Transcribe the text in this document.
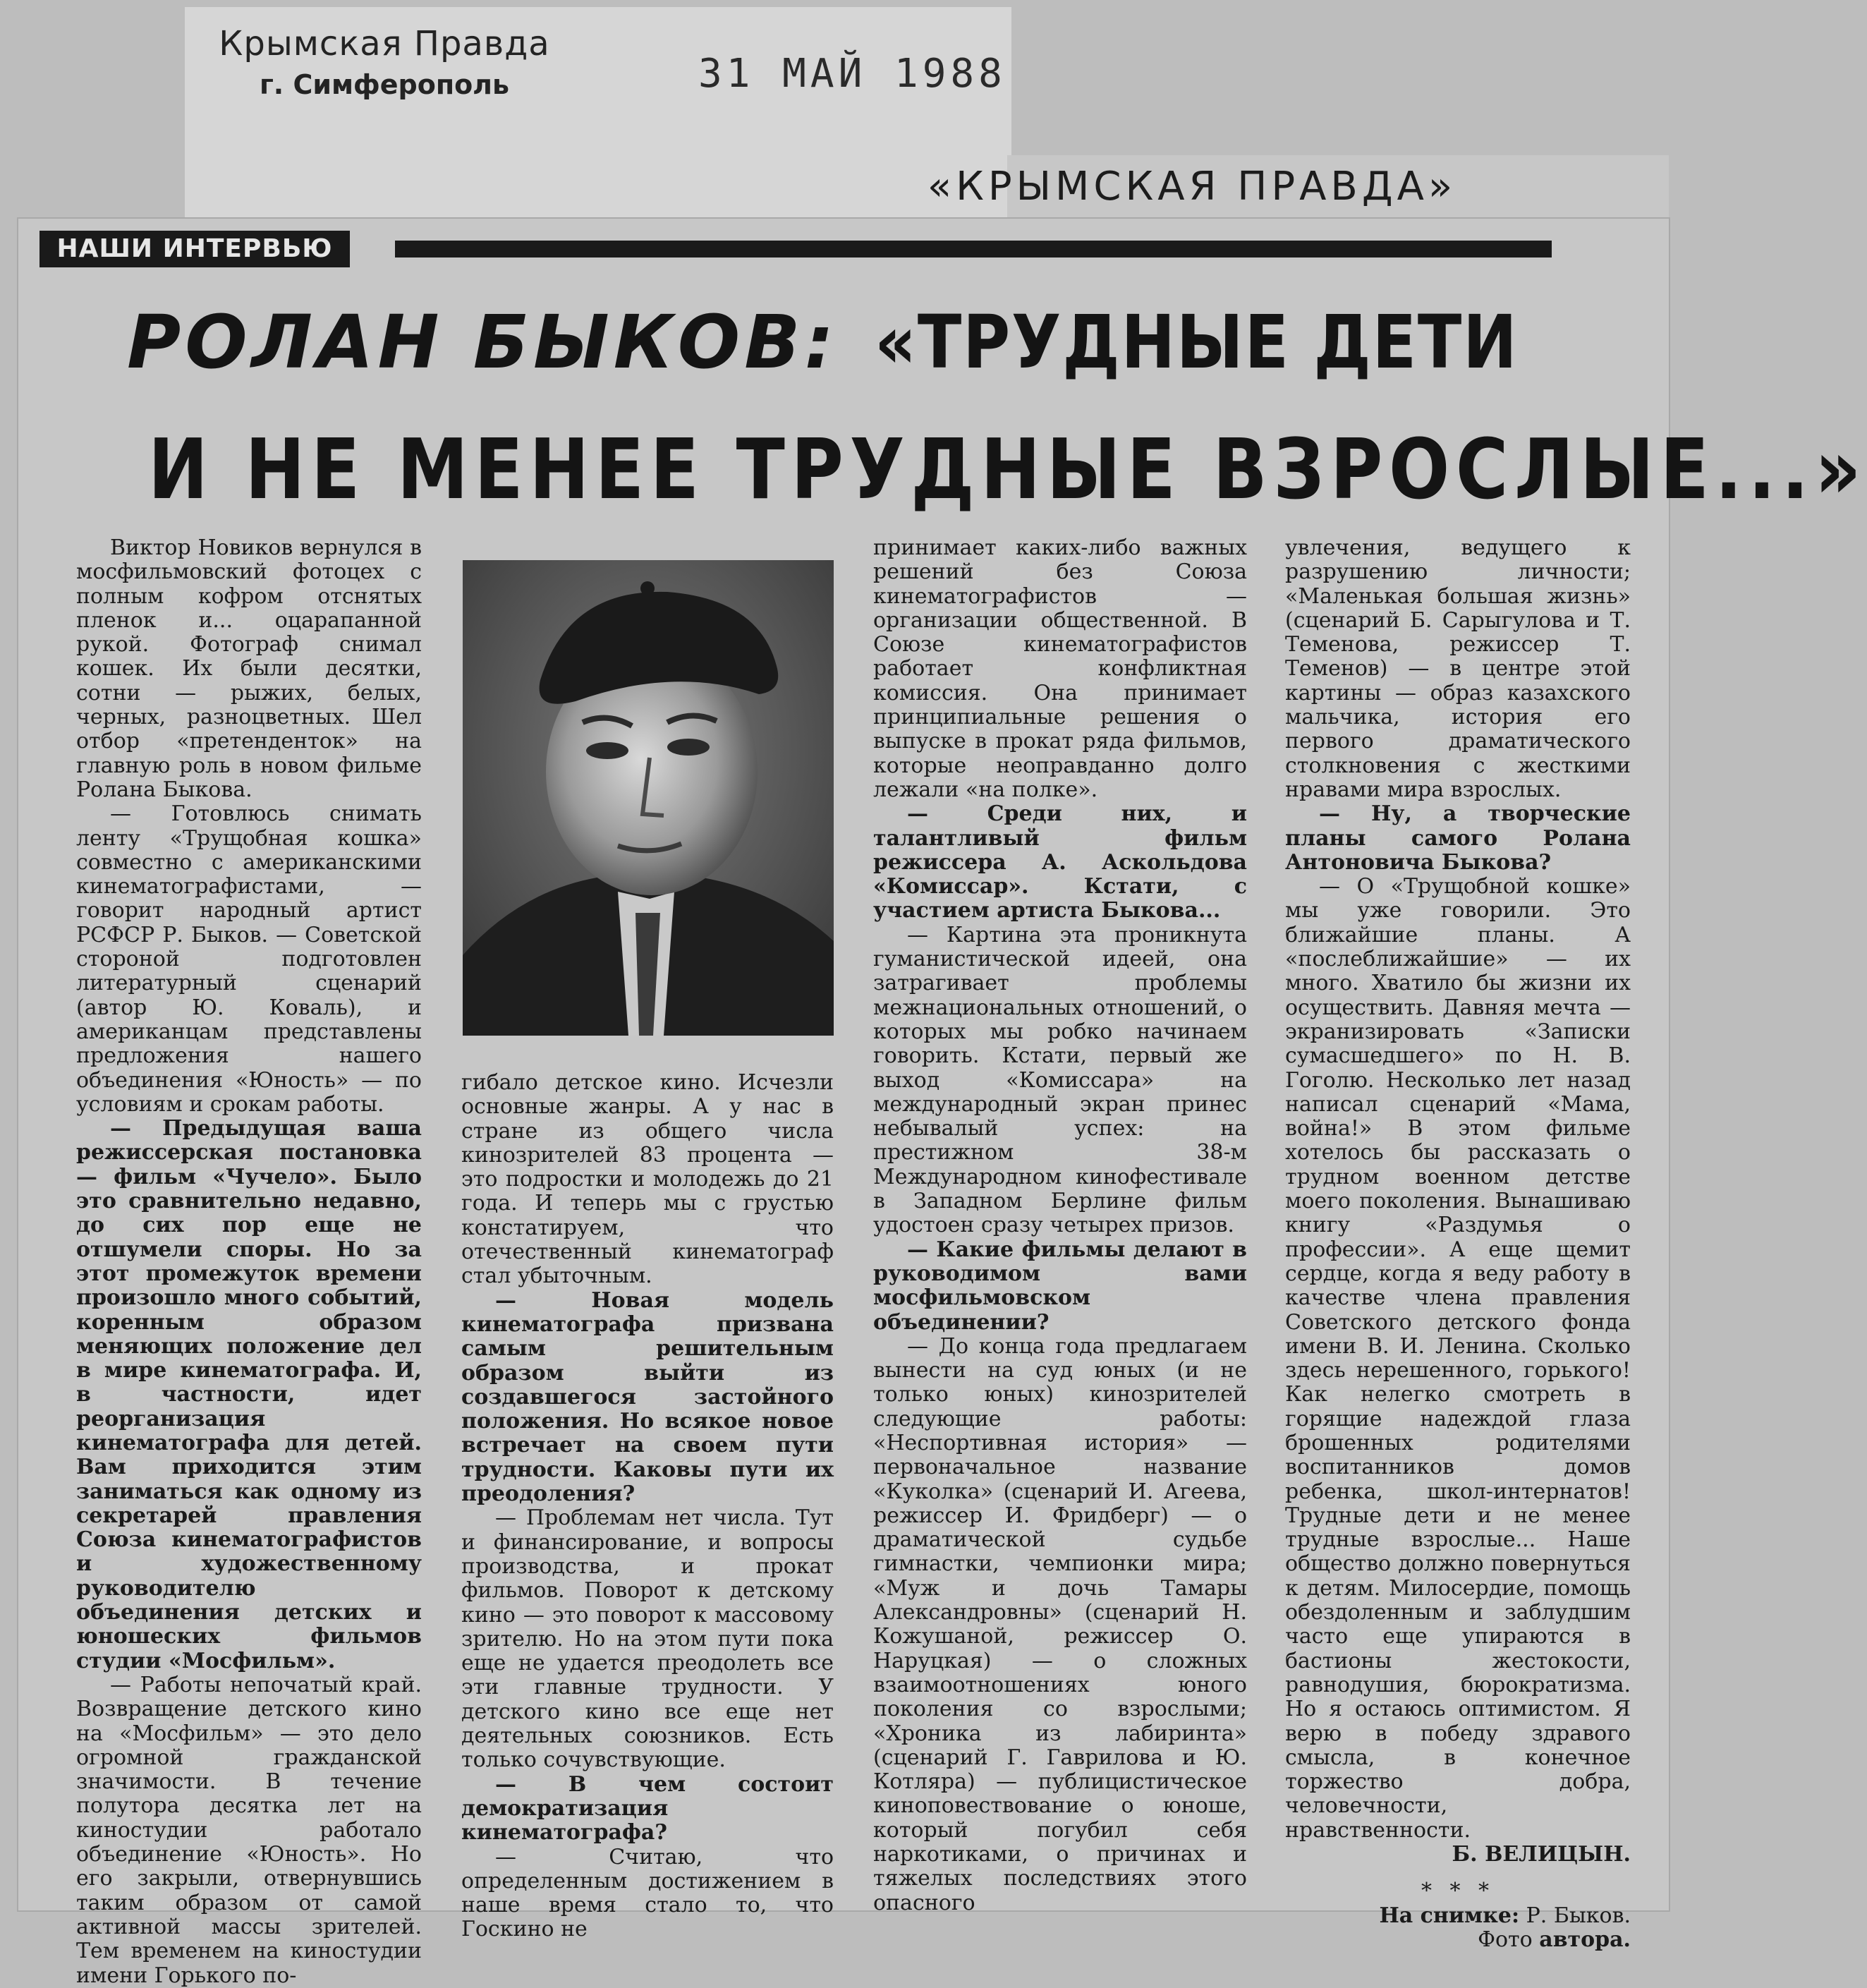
Крымская Правда
г. Симферополь	31 МАЙ 1988
«КРЫМСКАЯ ПРАВДА»
НАШИ ИНТЕРВЬЮ
РОЛАН БЫКОВ: «ТРУДНЫЕ ДЕТИ
И НЕ МЕНЕЕ ТРУДНЫЕ ВЗРОСЛЫЕ...»

Виктор Новиков вернулся в мосфильмовский фотоцех с полным кофром отснятых пленок и... оцарапанной рукой. Фотограф снимал кошек. Их были десятки, сотни — рыжих, белых, черных, разноцветных. Шел отбор «претенденток» на главную роль в новом фильме Ролана Быкова.

— Готовлюсь снимать ленту «Трущобная кошка» совместно с американскими кинематографистами, — говорит народный артист РСФСР Р. Быков. — Советской стороной подготовлен литературный сценарий (автор Ю. Коваль), и американцам представлены предложения нашего объединения «Юность» — по условиям и срокам работы.

— Предыдущая ваша режиссерская постановка — фильм «Чучело». Было это сравнительно недавно, до сих пор еще не отшумели споры. Но за этот промежуток времени произошло много событий, коренным образом меняющих положение дел в мире кинематографа. И, в частности, идет реорганизация кинематографа для детей. Вам приходится этим заниматься как одному из секретарей правления Союза кинематографистов и художественному руководителю объединения детских и юношеских фильмов студии «Мосфильм».

— Работы непочатый край. Возвращение детского кино на «Мосфильм» — это дело огромной гражданской значимости. В течение полутора десятка лет на киностудии работало объединение «Юность». Но его закрыли, отвернувшись таким образом от самой активной массы зрителей. Тем временем на киностудии имени Горького по-

гибало детское кино. Исчезли основные жанры. А у нас в стране из общего числа кинозрителей 83 процента — это подростки и молодежь до 21 года. И теперь мы с грустью констатируем, что отечественный кинематограф стал убыточным.

— Новая модель кинематографа призвана самым решительным образом выйти из создавшегося застойного положения. Но всякое новое встречает на своем пути трудности. Каковы пути их преодоления?

— Проблемам нет числа. Тут и финансирование, и вопросы производства, и прокат фильмов. Поворот к детскому кино — это поворот к массовому зрителю. Но на этом пути пока еще не удается преодолеть все эти главные трудности. У детского кино все еще нет деятельных союзников. Есть только сочувствующие.

— В чем состоит демократизация кинематографа?

— Считаю, что определенным достижением в наше время стало то, что Госкино не

принимает каких-либо важных решений без Союза кинематографистов — организации общественной. В Союзе кинематографистов работает конфликтная комиссия. Она принимает принципиальные решения о выпуске в прокат ряда фильмов, которые неоправданно долго лежали «на полке».

— Среди них, и талантливый фильм режиссера А. Аскольдова «Комиссар». Кстати, с участием артиста Быкова...

— Картина эта проникнута гуманистической идеей, она затрагивает проблемы межнациональных отношений, о которых мы робко начинаем говорить. Кстати, первый же выход «Комиссара» на международный экран принес небывалый успех: на престижном 38-м Международном кинофестивале в Западном Берлине фильм удостоен сразу четырех призов.

— Какие фильмы делают в руководимом вами мосфильмовском объединении?

— До конца года предлагаем вынести на суд юных (и не только юных) кинозрителей следующие работы: «Неспортивная история» — первоначальное название «Куколка» (сценарий И. Агеева, режиссер И. Фридберг) — о драматической судьбе гимнастки, чемпионки мира; «Муж и дочь Тамары Александровны» (сценарий Н. Кожушаной, режиссер О. Наруцкая) — о сложных взаимоотношениях юного поколения со взрослыми; «Хроника из лабиринта» (сценарий Г. Гаврилова и Ю. Котляра) — публицистическое киноповествование о юноше, который погубил себя наркотиками, о причинах и тяжелых последствиях этого опасного

увлечения, ведущего к разрушению личности; «Маленькая большая жизнь» (сценарий Б. Сарыгулова и Т. Теменова, режиссер Т. Теменов) — в центре этой картины — образ казахского мальчика, история его первого драматического столкновения с жесткими нравами мира взрослых.

— Ну, а творческие планы самого Ролана Антоновича Быкова?

— О «Трущобной кошке» мы уже говорили. Это ближайшие планы. А «послеближайшие» — их много. Хватило бы жизни их осуществить. Давняя мечта — экранизировать «Записки сумасшедшего» по Н. В. Гоголю. Несколько лет назад написал сценарий «Мама, война!» В этом фильме хотелось бы рассказать о трудном военном детстве моего поколения. Вынашиваю книгу «Раздумья о профессии». А еще щемит сердце, когда я веду работу в качестве члена правления Советского детского фонда имени В. И. Ленина. Сколько здесь нерешенного, горького! Как нелегко смотреть в горящие надеждой глаза брошенных родителями воспитанников домов ребенка, школ-интернатов! Трудные дети и не менее трудные взрослые... Наше общество должно повернуться к детям. Милосердие, помощь обездоленным и заблудшим часто еще упираются в бастионы жестокости, равнодушия, бюрократизма. Но я остаюсь оптимистом. Я верю в победу здравого смысла, в конечное торжество добра, человечности, нравственности.

Б. ВЕЛИЦЫН.

* * *

На снимке: Р. Быков.

Фото автора.
